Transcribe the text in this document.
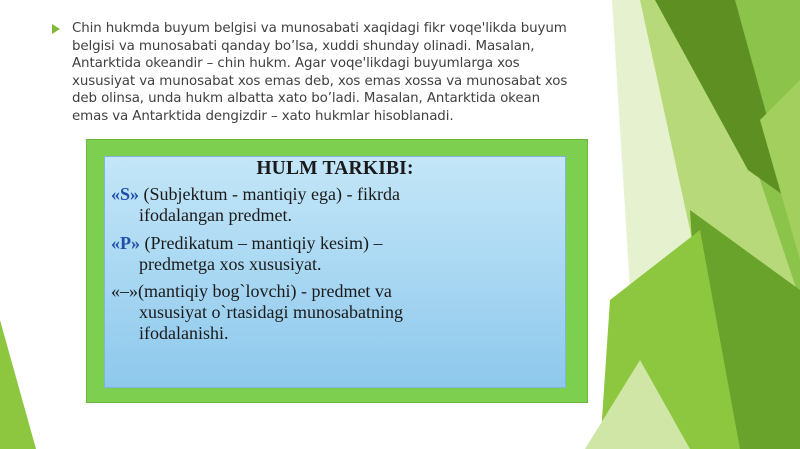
Chin hukmda buyum belgisi va munosabati xaqidagi fikr voqe'likda buyum
belgisi va munosabati qanday bo’lsa, xuddi shunday olinadi. Masalan,
Antarktida okeandir – chin hukm. Agar voqe'likdagi buyumlarga xos
xususiyat va munosabat xos emas deb, xos emas xossa va munosabat xos
deb olinsa, unda hukm albatta xato bo’ladi. Masalan, Antarktida okean
emas va Antarktida dengizdir – xato hukmlar hisoblanadi.
HULM TARKIBI:
«S» (Subjektum - mantiqiy ega) - fikrda
ifodalangan predmet.
«P» (Predikatum – mantiqiy kesim) –
predmetga xos xususiyat.
«–»(mantiqiy bog`lovchi) - predmet va
xususiyat o`rtasidagi munosabatning
ifodalanishi.
